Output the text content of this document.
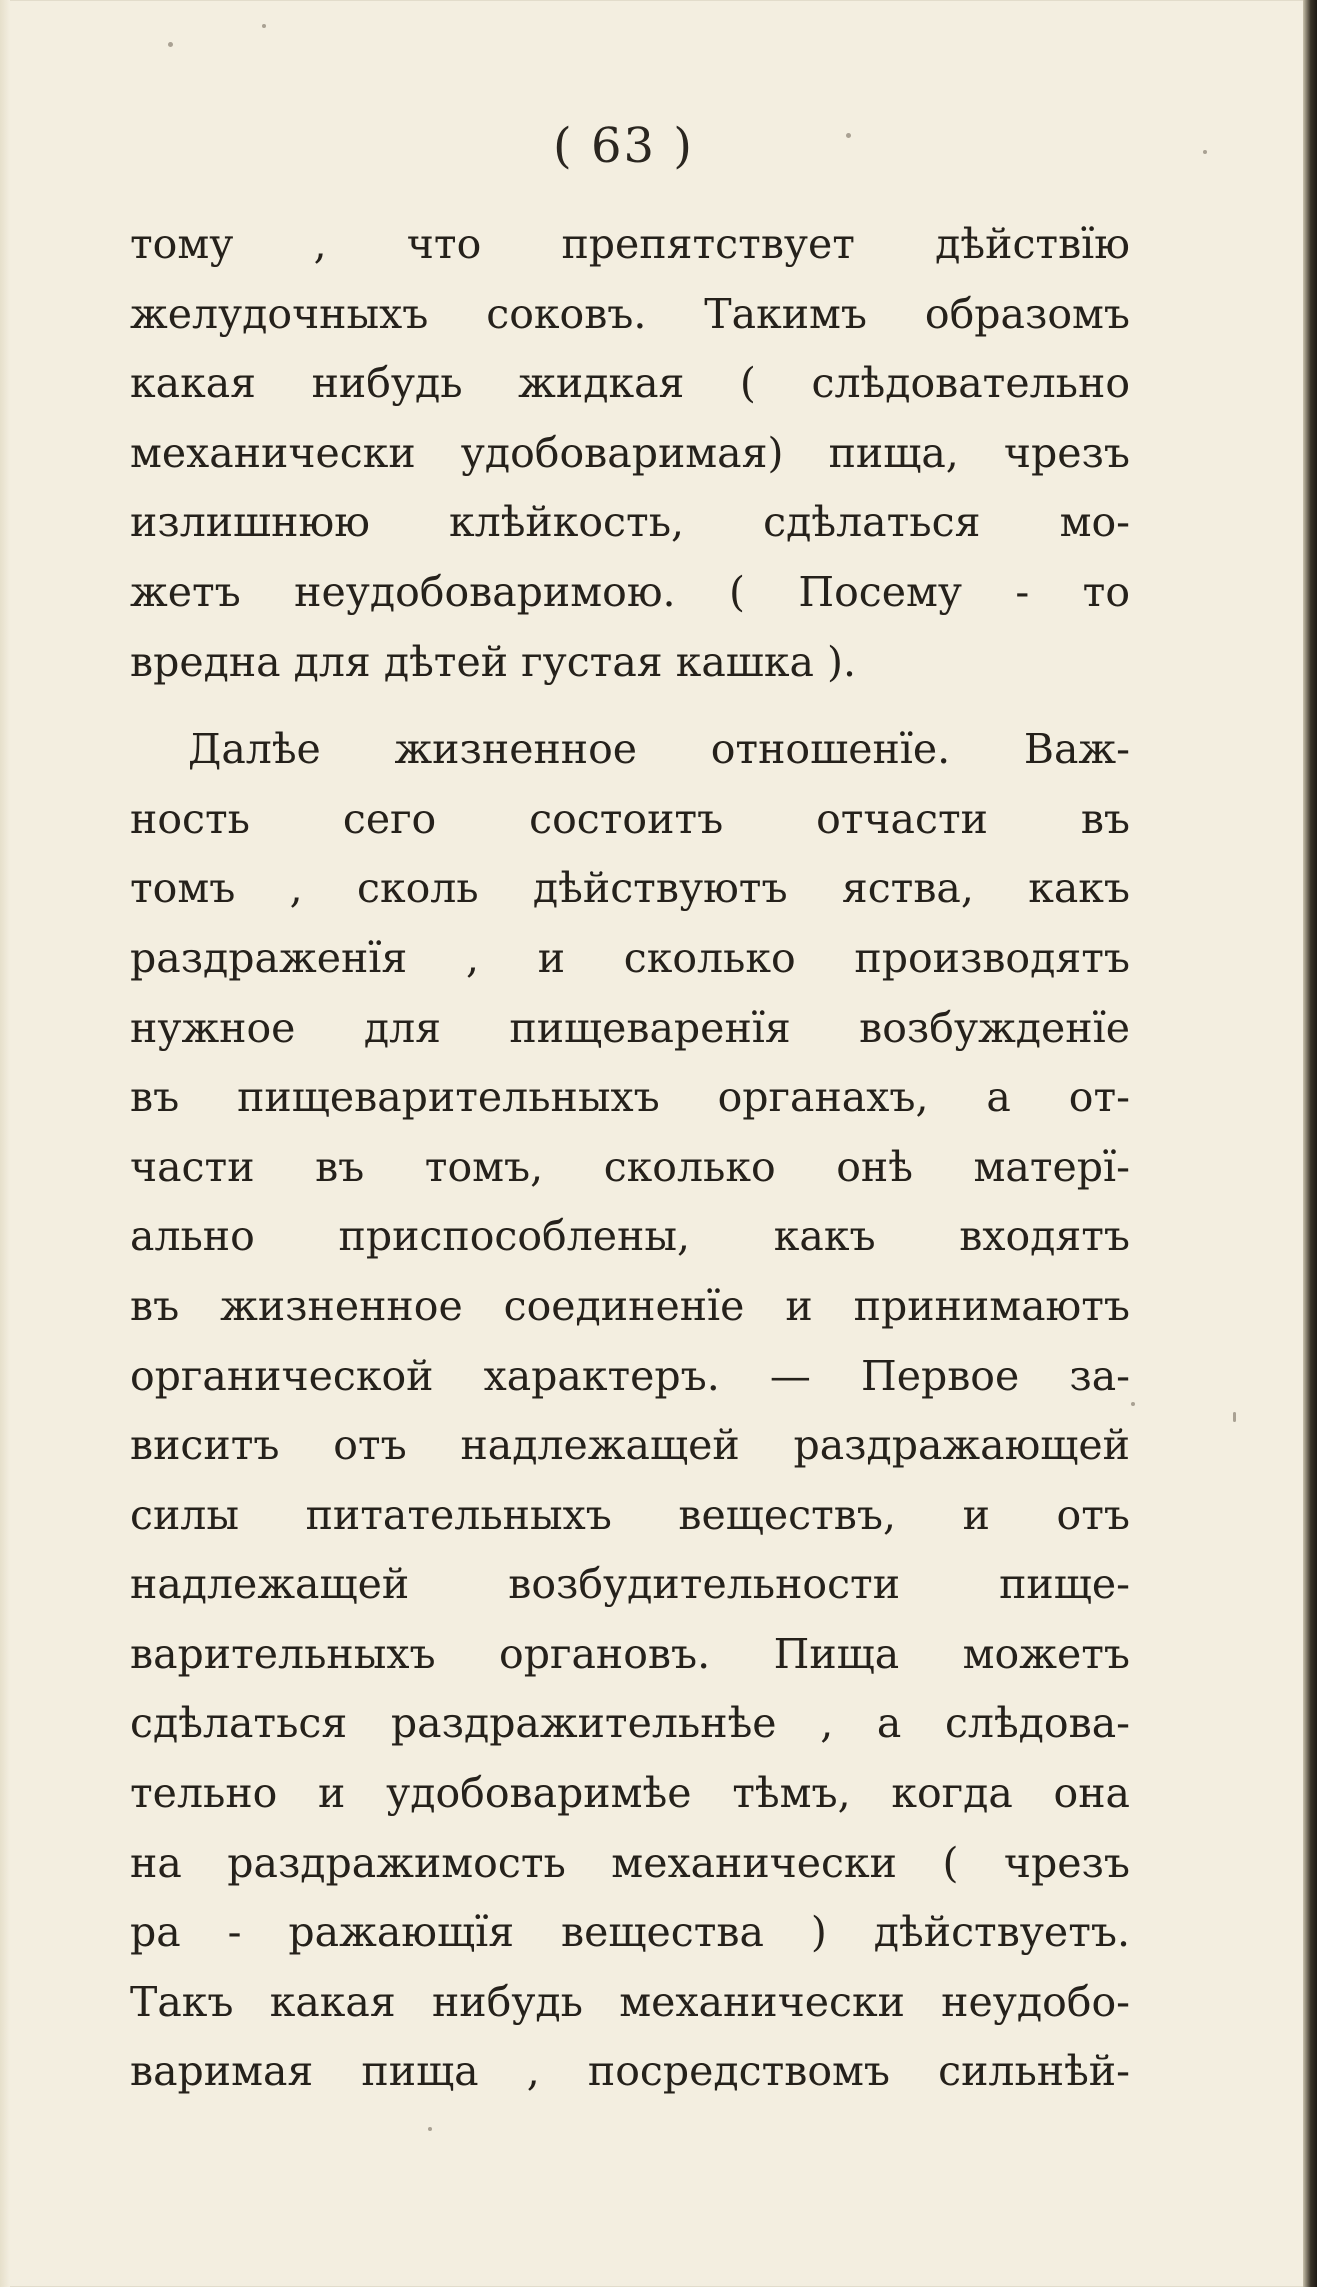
( 63 )
тому , что препятствует дѣйствїю
желудочныхъ соковъ. Такимъ образомъ
какая нибудь жидкая ( слѣдовательно
механически удобоваримая) пища, чрезъ
излишнюю клѣйкость, сдѣлаться мо-
жетъ неудобоваримою. ( Посему - то
вредна для дѣтей густая кашка ).
Далѣе жизненное отношенїе. Важ-
ность сего состоитъ отчасти въ
томъ , сколь дѣйствуютъ яства, какъ
раздраженїя , и сколько производятъ
нужное для пищеваренїя возбужденїе
въ пищеварительныхъ органахъ, а от-
части въ томъ, сколько онѣ матерї-
ально приспособлены, какъ входятъ
въ жизненное соединенїе и принимаютъ
органической характеръ. — Первое за-
виситъ отъ надлежащей раздражающей
силы питательныхъ веществъ, и отъ
надлежащей возбудительности пище-
варительныхъ органовъ. Пища можетъ
сдѣлаться раздражительнѣе , а слѣдова-
тельно и удобоваримѣе тѣмъ, когда она
на раздражимость механически ( чрезъ
ра - ражающїя вещества ) дѣйствуетъ.
Такъ какая нибудь механически неудобо-
варимая пища , посредствомъ сильнѣй-
